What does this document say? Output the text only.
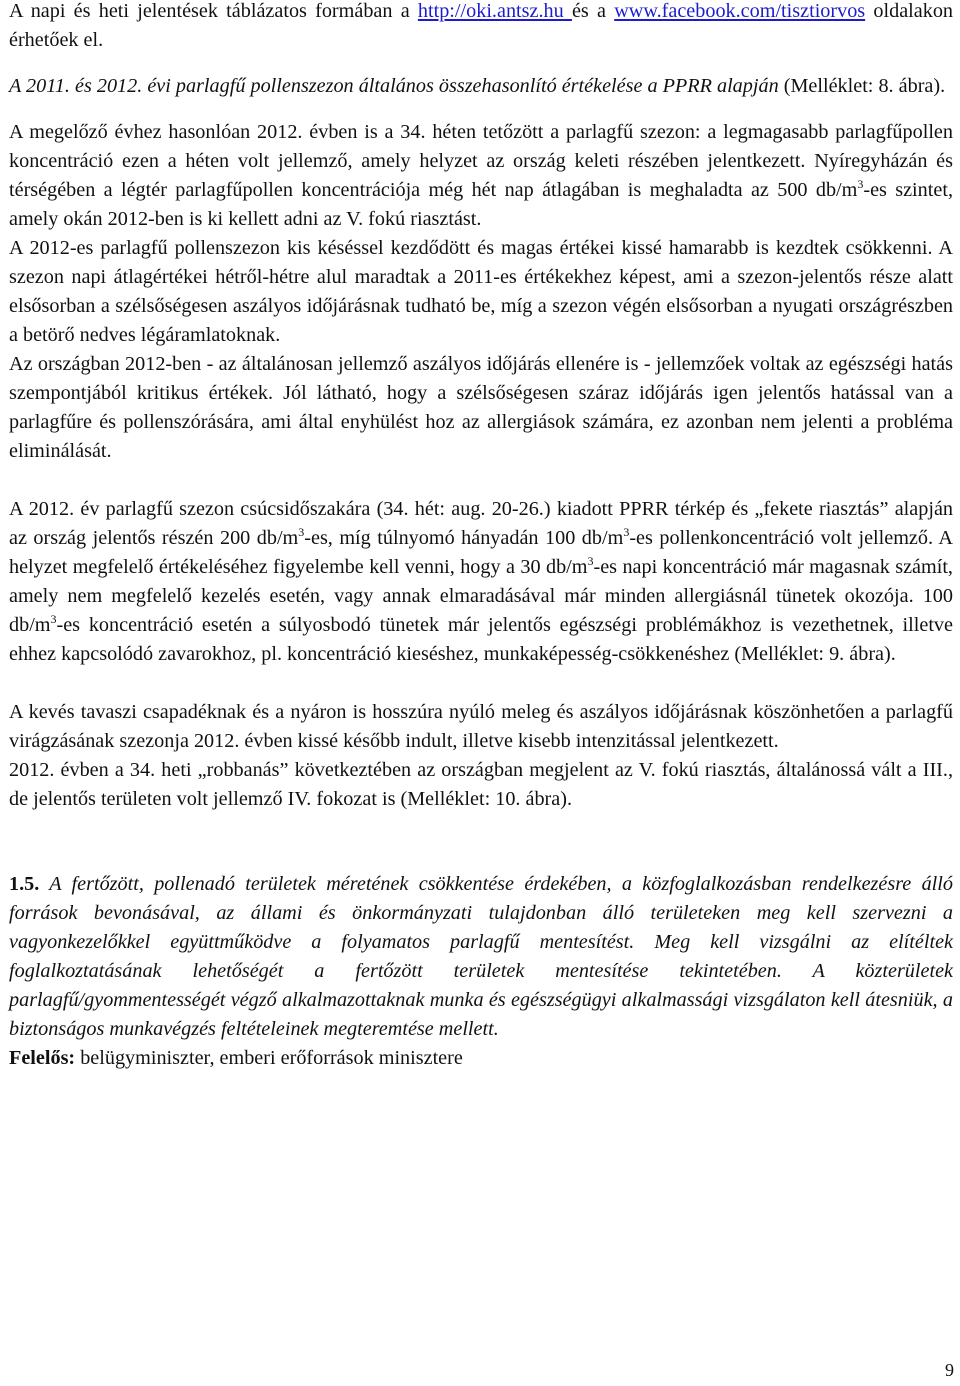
A napi és heti jelentések táblázatos formában a http://oki.antsz.hu és a www.facebook.com/tisztiorvos oldalakon érhetőek el.

A 2011. és 2012. évi parlagfű pollenszezon általános összehasonlító értékelése a PPRR alapján (Melléklet: 8. ábra).

A megelőző évhez hasonlóan 2012. évben is a 34. héten tetőzött a parlagfű szezon: a legmagasabb parlagfűpollen koncentráció ezen a héten volt jellemző, amely helyzet az ország keleti részében jelentkezett. Nyíregyházán és térségében a légtér parlagfűpollen koncentrációja még hét nap átlagában is meghaladta az 500 $db/m^3-es$ szintet, amely okán 2012-ben is ki kellett adni az V. fokú riasztást.

A 2012-es parlagfű pollenszezon kis késéssel kezdődött és magas értékei kissé hamarabb is kezdtek csökkenni. A szezon napi átlagértékei hétről-hétre alul maradtak a 2011-es értékekhez képest, ami a szezon-jelentős része alatt elsősorban a szélsőségesen aszályos időjárásnak tudható be, míg a szezon végén elsősorban a nyugati országrészben a betörő nedves légáramlatoknak.

Az országban 2012-ben - az általánosan jellemző aszályos időjárás ellenére is - jellemzőek voltak az egészségi hatás szempontjából kritikus értékek. Jól látható, hogy a szélsőségesen száraz időjárás igen jelentős hatással van a parlagfűre és pollenszórására, ami által enyhülést hoz az allergiások számára, ez azonban nem jelenti a probléma eliminálását.

A 2012. év parlagfű szezon csúcsidőszakára (34. hét: aug. 20-26.) kiadott PPRR térkép és „fekete riasztás” alapján az ország jelentős részén 200 $db/m^3-es$, míg túlnyomó hányadán 100 $db/m^3-es$ pollenkoncentráció volt jellemző. A helyzet megfelelő értékeléséhez figyelembe kell venni, hogy a 30 $db/m^3-es$ napi koncentráció már magasnak számít, amely nem megfelelő kezelés esetén, vagy annak elmaradásával már minden allergiásnál tünetek okozója. 100 $db/m^3-es$ koncentráció esetén a súlyosbodó tünetek már jelentős egészségi problémákhoz is vezethetnek, illetve ehhez kapcsolódó zavarokhoz, pl. koncentráció kieséshez, munkaképesség-csökkenéshez (Melléklet: 9. ábra).

A kevés tavaszi csapadéknak és a nyáron is hosszúra nyúló meleg és aszályos időjárásnak köszönhetően a parlagfű virágzásának szezonja 2012. évben kissé később indult, illetve kisebb intenzitással jelentkezett.

2012. évben a 34. heti „robbanás” következtében az országban megjelent az V. fokú riasztás, általánossá vált a III., de jelentős területen volt jellemző IV. fokozat is (Melléklet: 10. ábra).

1.5. A fertőzött, pollenadó területek méretének csökkentése érdekében, a közfoglalkozásban rendelkezésre álló források bevonásával, az állami és önkormányzati tulajdonban álló területeken meg kell szervezni a vagyonkezelőkkel együttműködve a folyamatos parlagfű mentesítést. Meg kell vizsgálni az elítéltek foglalkoztatásának lehetőségét a fertőzött területek mentesítése tekintetében. A közterületek parlagfű/gyommentességét végző alkalmazottaknak munka és egészségügyi alkalmassági vizsgálaton kell átesniük, a biztonságos munkavégzés feltételeinek megteremtése mellett.

Felelős: belügyminiszter, emberi erőforrások minisztere

9
